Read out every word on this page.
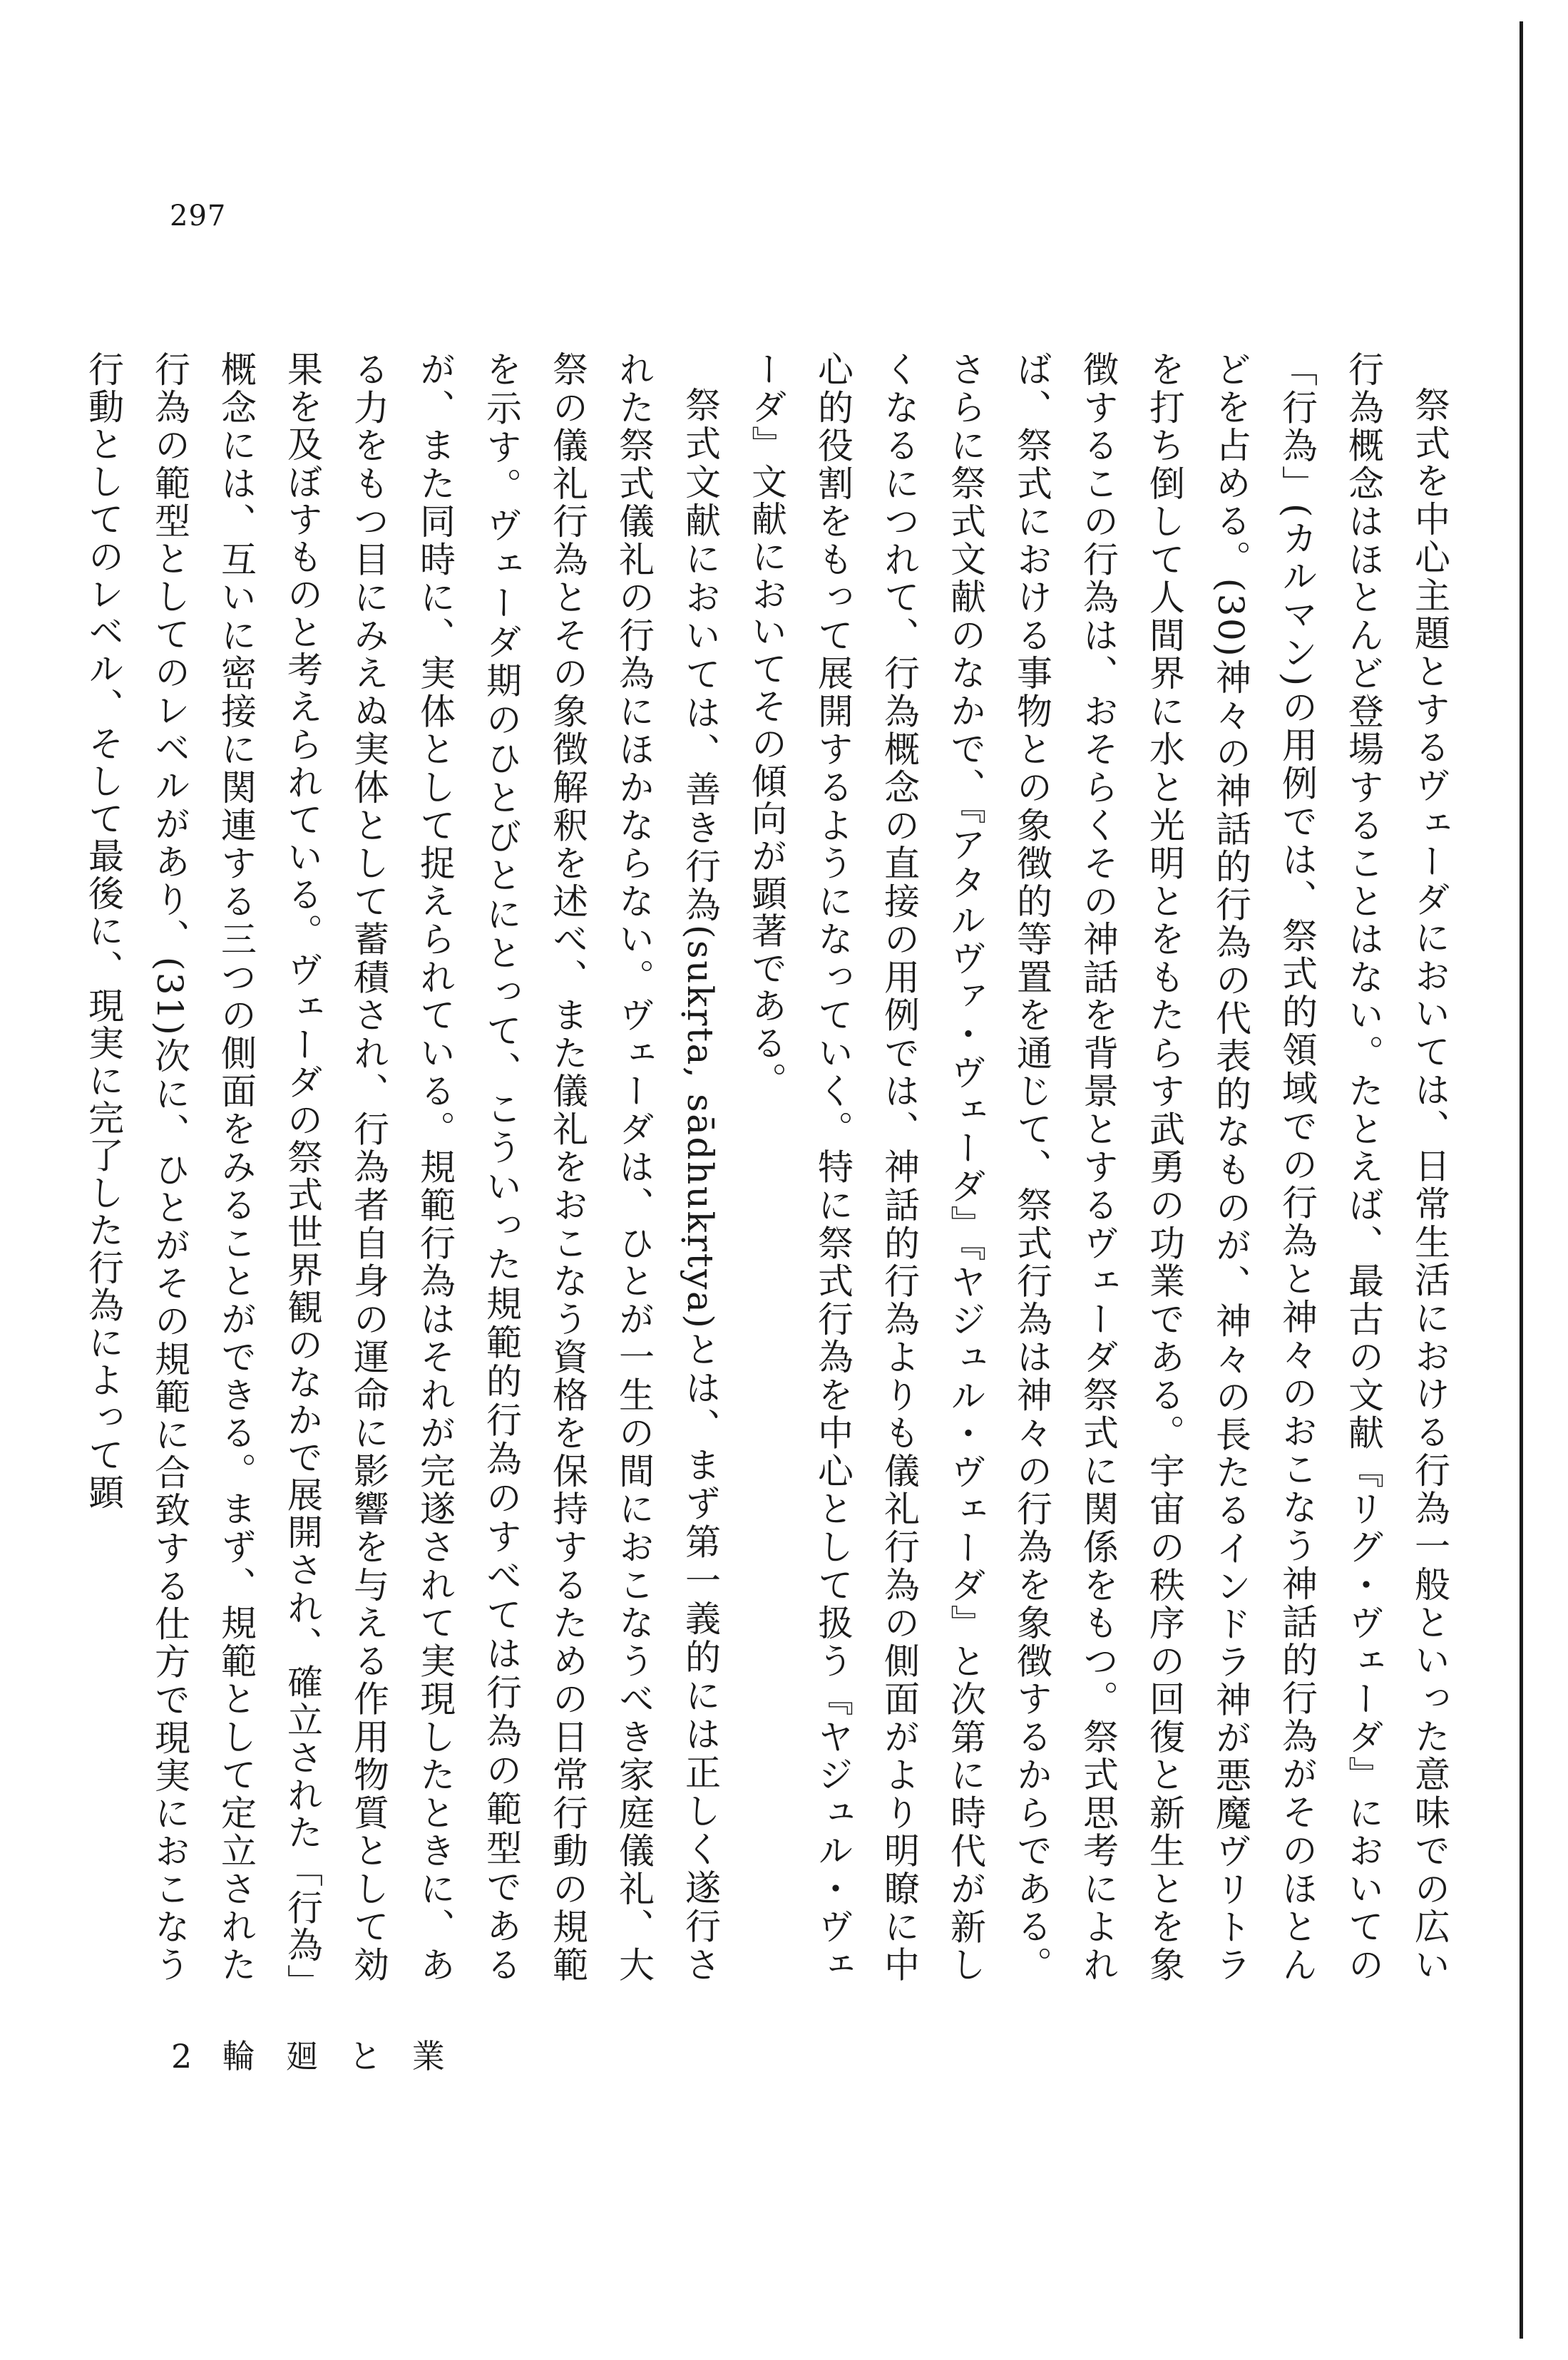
297

祭式を中心主題とするヴェーダにおいては、日常生活における行為一般といった意味での広い行為概念はほとんど登場することはない。たとえば、最古の文献『リグ・ヴェーダ』においての「行為」(カルマン)の用例では、祭式的領域での行為と神々のおこなう神話的行為がそのほとんどを占める。(30)神々の神話的行為の代表的なものが、神々の長たるインドラ神が悪魔ヴリトラを打ち倒して人間界に水と光明とをもたらす武勇の功業である。宇宙の秩序の回復と新生とを象徴するこの行為は、おそらくその神話を背景とするヴェーダ祭式に関係をもつ。祭式思考によれば、祭式における事物との象徴的等置を通じて、祭式行為は神々の行為を象徴するからである。さらに祭式文献のなかで、『アタルヴァ・ヴェーダ』『ヤジュル・ヴェーダ』と次第に時代が新しくなるにつれて、行為概念の直接の用例では、神話的行為よりも儀礼行為の側面がより明瞭に中心的役割をもって展開するようになっていく。特に祭式行為を中心として扱う『ヤジュル・ヴェーダ』文献においてその傾向が顕著である。

祭式文献においては、善き行為(sukṛta, sādhukṛtya)とは、まず第一義的には正しく遂行された祭式儀礼の行為にほかならない。ヴェーダは、ひとが一生の間におこなうべき家庭儀礼、大祭の儀礼行為とその象徴解釈を述べ、また儀礼をおこなう資格を保持するための日常行動の規範を示す。ヴェーダ期のひとびとにとって、こういった規範的行為のすべては行為の範型であるが、また同時に、実体として捉えられている。規範行為はそれが完遂されて実現したときに、ある力をもつ目にみえぬ実体として蓄積され、行為者自身の運命に影響を与える作用物質として効果を及ぼすものと考えられている。ヴェーダの祭式世界観のなかで展開され、確立された「行為」概念には、互いに密接に関連する三つの側面をみることができる。まず、規範として定立された行為の範型としてのレベルがあり、(31)次に、ひとがその規範に合致する仕方で現実におこなう行動としてのレベル、そして最後に、現実に完了した行為によって顕

2 輪 廻 と 業
